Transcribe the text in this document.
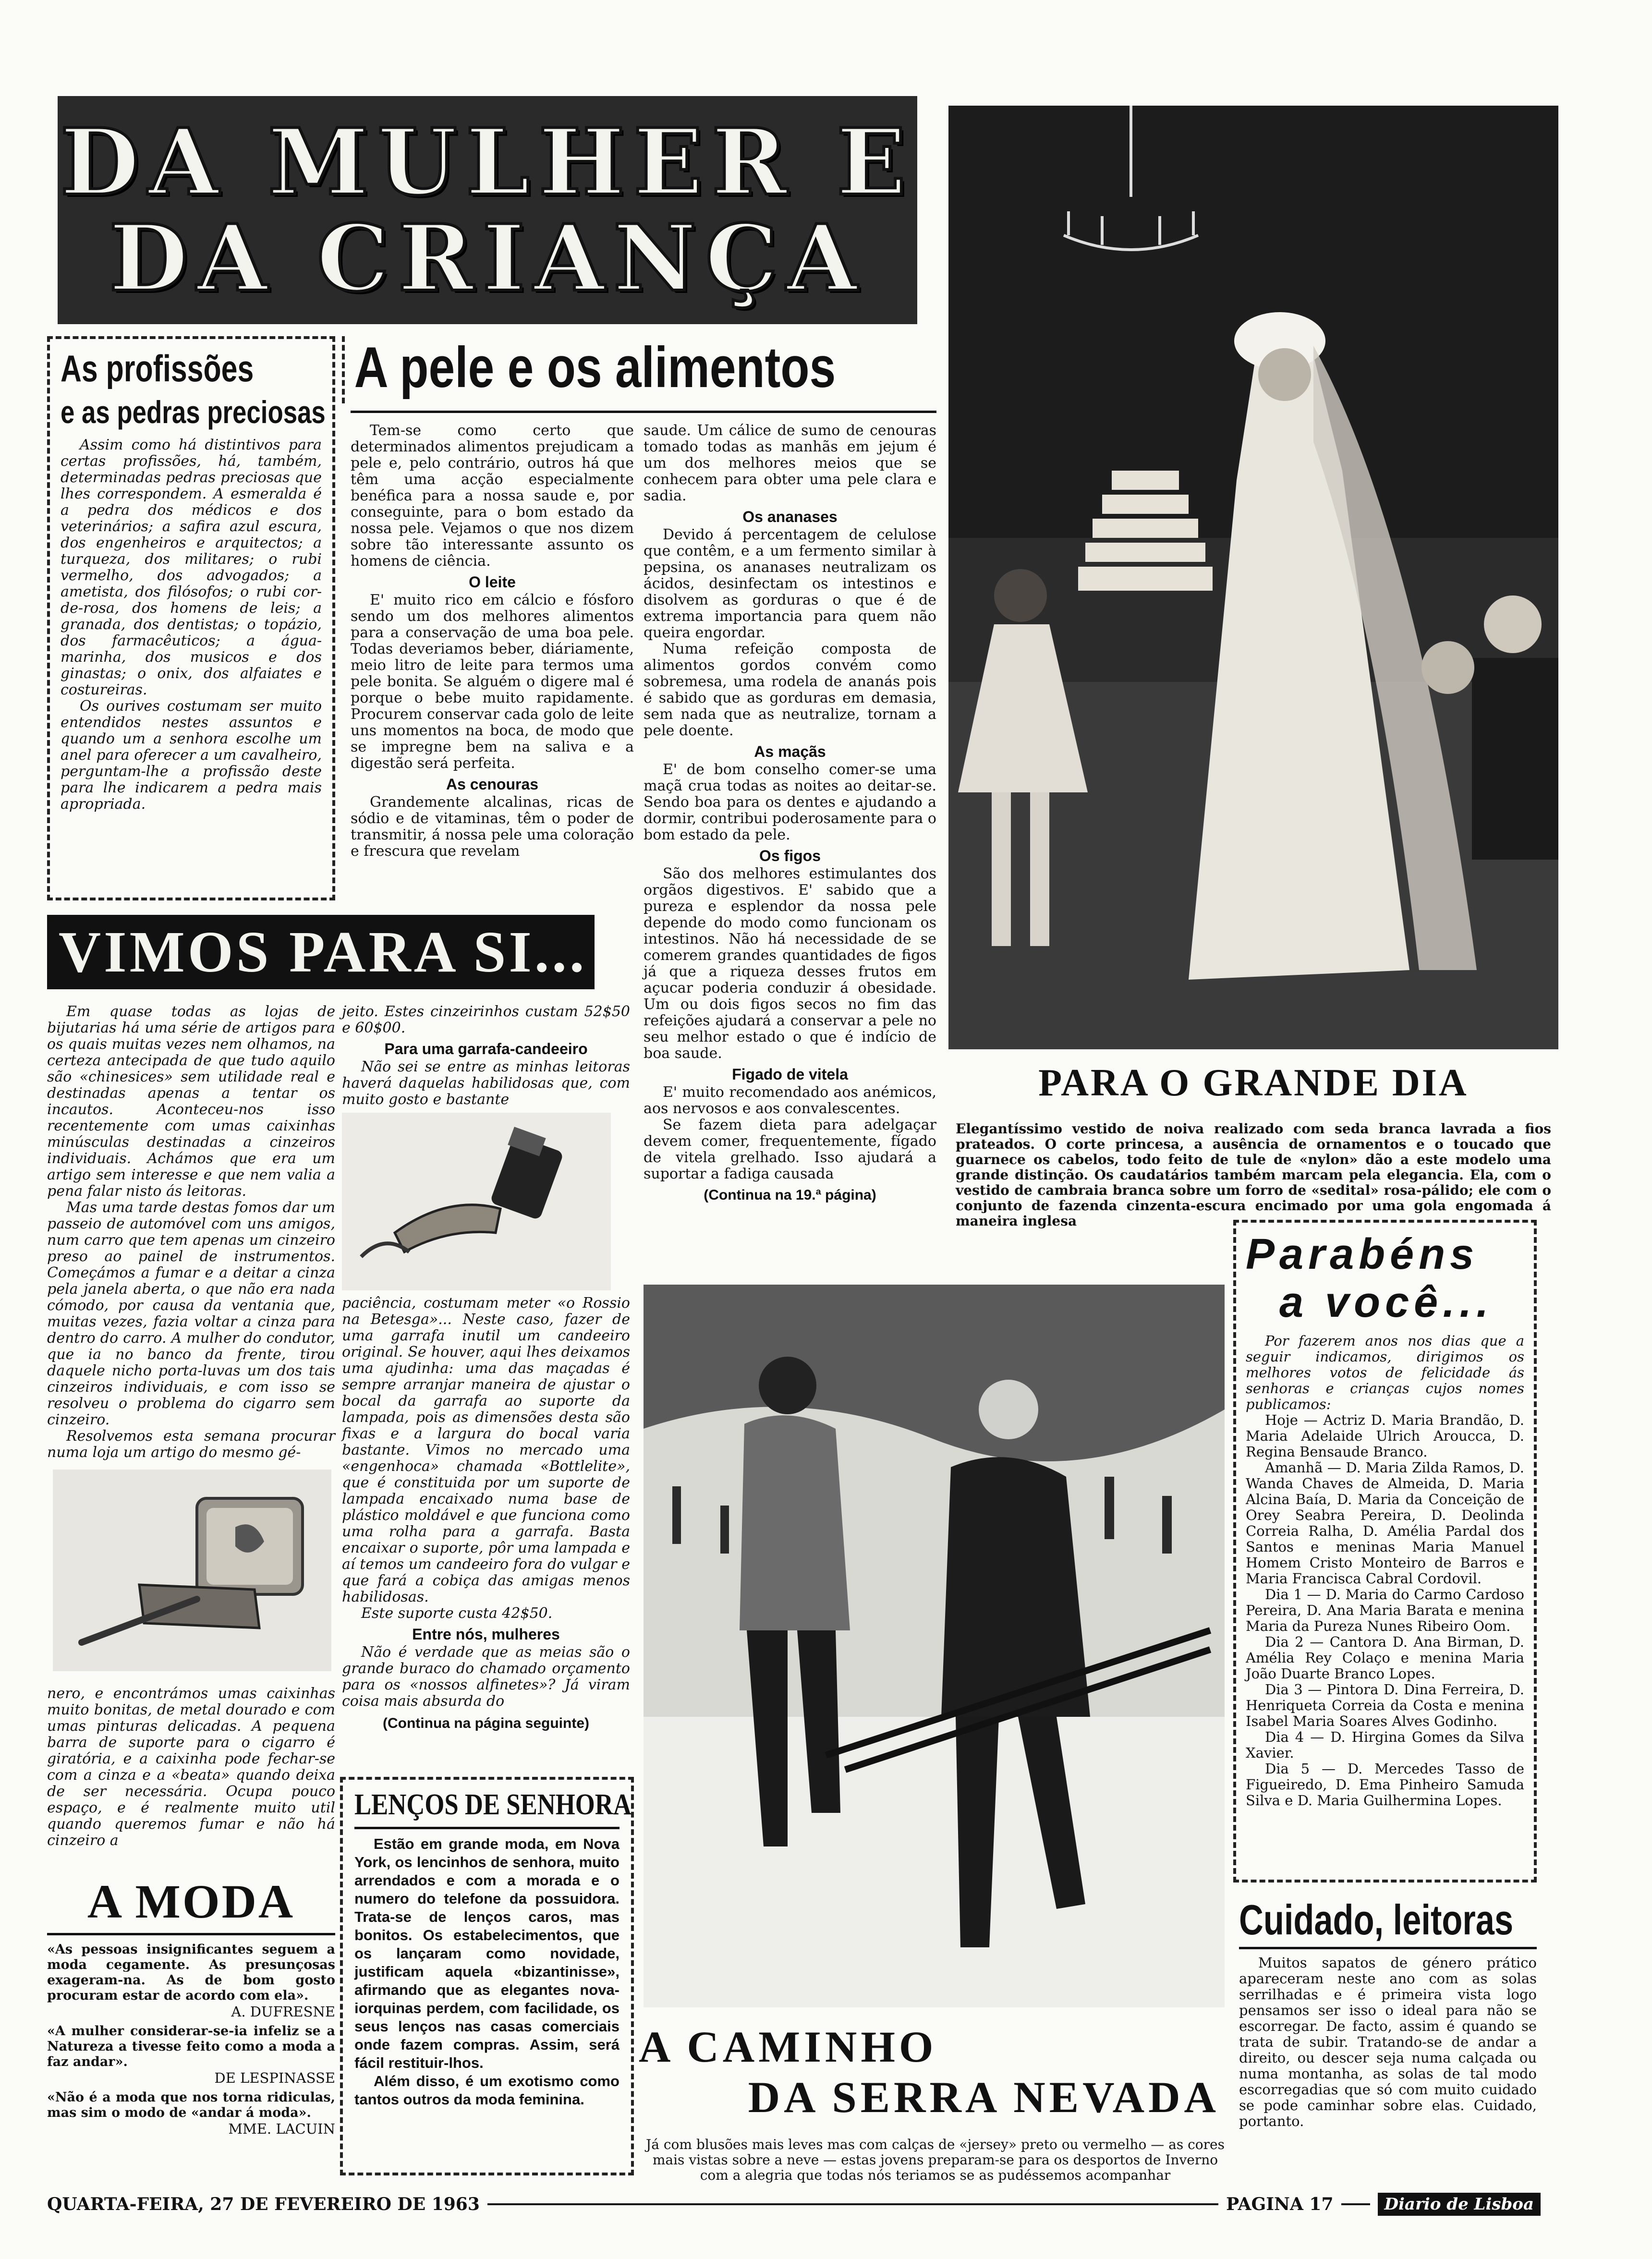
DA MULHER E
DA CRIANÇA
As profissões
e as pedras preciosas

Assim como há distintivos para certas profissões, há, também, determinadas pedras preciosas que lhes correspondem. A esmeralda é a pedra dos médicos e dos veterinários; a safira azul escura, dos engenheiros e arquitectos; a turqueza, dos militares; o rubi vermelho, dos advogados; a ametista, dos filósofos; o rubi cor-de-rosa, dos homens de leis; a granada, dos dentistas; o topázio, dos farmacêuticos; a água-marinha, dos musicos e dos ginastas; o onix, dos alfaiates e costureiras.

Os ourives costumam ser muito entendidos nestes assuntos e quando um a senhora escolhe um anel para oferecer a um cavalheiro, perguntam-lhe a profissão deste para lhe indicarem a pedra mais apropriada.

A pele e os alimentos

Tem-se como certo que determinados alimentos prejudicam a pele e, pelo contrário, outros há que têm uma acção especialmente benéfica para a nossa saude e, por conseguinte, para o bom estado da nossa pele. Vejamos o que nos dizem sobre tão interessante assunto os homens de ciência.

O leite

E' muito rico em cálcio e fósforo sendo um dos melhores alimentos para a conservação de uma boa pele. Todas deveriamos beber, diáriamente, meio litro de leite para termos uma pele bonita. Se alguém o digere mal é porque o bebe muito rapidamente. Procurem conservar cada golo de leite uns momentos na boca, de modo que se impregne bem na saliva e a digestão será perfeita.

As cenouras

Grandemente alcalinas, ricas de sódio e de vitaminas, têm o poder de transmitir, á nossa pele uma coloração e frescura que revelam

saude. Um cálice de sumo de cenouras tomado todas as manhãs em jejum é um dos melhores meios que se conhecem para obter uma pele clara e sadia.

Os ananases

Devido á percentagem de celulose que contêm, e a um fermento similar à pepsina, os ananases neutralizam os ácidos, desinfectam os intestinos e disolvem as gorduras o que é de extrema importancia para quem não queira engordar.

Numa refeição composta de alimentos gordos convém como sobremesa, uma rodela de ananás pois é sabido que as gorduras em demasia, sem nada que as neutralize, tornam a pele doente.

As maçãs

E' de bom conselho comer-se uma maçã crua todas as noites ao deitar-se. Sendo boa para os dentes e ajudando a dormir, contribui poderosamente para o bom estado da pele.

Os figos

São dos melhores estimulantes dos orgãos digestivos. E' sabido que a pureza e esplendor da nossa pele depende do modo como funcionam os intestinos. Não há necessidade de se comerem grandes quantidades de figos já que a riqueza desses frutos em açucar poderia conduzir á obesidade. Um ou dois figos secos no fim das refeições ajudará a conservar a pele no seu melhor estado o que é indício de boa saude.

Figado de vitela

E' muito recomendado aos anémicos, aos nervosos e aos convalescentes.

Se fazem dieta para adelgaçar devem comer, frequentemente, fígado de vitela grelhado. Isso ajudará a suportar a fadiga causada

(Continua na 19.ª página)
PARA O GRANDE DIA

Elegantíssimo vestido de noiva realizado com seda branca lavrada a fios prateados. O corte princesa, a ausência de ornamentos e o toucado que guarnece os cabelos, todo feito de tule de «nylon» dão a este modelo uma grande distinção. Os caudatários também marcam pela elegancia. Ela, com o vestido de cambraia branca sobre um forro de «sedital» rosa-pálido; ele com o conjunto de fazenda cinzenta-escura encimado por uma gola engomada á maneira inglesa

VIMOS PARA SI...

Em quase todas as lojas de bijutarias há uma série de artigos para os quais muitas vezes nem olhamos, na certeza antecipada de que tudo aquilo são «chinesices» sem utilidade real e destinadas apenas a tentar os incautos. Aconteceu-nos isso recentemente com umas caixinhas minúsculas destinadas a cinzeiros individuais. Achámos que era um artigo sem interesse e que nem valia a pena falar nisto ás leitoras.

Mas uma tarde destas fomos dar um passeio de automóvel com uns amigos, num carro que tem apenas um cinzeiro preso ao painel de instrumentos. Começámos a fumar e a deitar a cinza pela janela aberta, o que não era nada cómodo, por causa da ventania que, muitas vezes, fazia voltar a cinza para dentro do carro. A mulher do condutor, que ia no banco da frente, tirou daquele nicho porta-luvas um dos tais cinzeiros individuais, e com isso se resolveu o problema do cigarro sem cinzeiro.

Resolvemos esta semana procurar numa loja um artigo do mesmo gé-

nero, e encontrámos umas caixinhas muito bonitas, de metal dourado e com umas pinturas delicadas. A pequena barra de suporte para o cigarro é giratória, e a caixinha pode fechar-se com a cinza e a «beata» quando deixa de ser necessária. Ocupa pouco espaço, e é realmente muito util quando queremos fumar e não há cinzeiro a

jeito. Estes cinzeirinhos custam 52$50 e 60$00.

Para uma garrafa-candeeiro

Não sei se entre as minhas leitoras haverá daquelas habilidosas que, com muito gosto e bastante

paciência, costumam meter «o Rossio na Betesga»... Neste caso, fazer de uma garrafa inutil um candeeiro original. Se houver, aqui lhes deixamos uma ajudinha: uma das maçadas é sempre arranjar maneira de ajustar o bocal da garrafa ao suporte da lampada, pois as dimensões desta são fixas e a largura do bocal varia bastante. Vimos no mercado uma «engenhoca» chamada «Bottlelite», que é constituida por um suporte de lampada encaixado numa base de plástico moldável e que funciona como uma rolha para a garrafa. Basta encaixar o suporte, pôr uma lampada e aí temos um candeeiro fora do vulgar e que fará a cobiça das amigas menos habilidosas.

Este suporte custa 42$50.

Entre nós, mulheres

Não é verdade que as meias são o grande buraco do chamado orçamento para os «nossos alfinetes»? Já viram coisa mais absurda do

(Continua na página seguinte)
A MODA

«As pessoas insignificantes seguem a moda cegamente. As presunçosas exageram-na. As de bom gosto procuram estar de acordo com ela».

A. DUFRESNE

«A mulher considerar-se-ia infeliz se a Natureza a tivesse feito como a moda a faz andar».

DE LESPINASSE

«Não é a moda que nos torna ridiculas, mas sim o modo de «andar á moda».

MME. LACUIN
LENÇOS DE SENHORA

Estão em grande moda, em Nova York, os lencinhos de senhora, muito arrendados e com a morada e o numero do telefone da possuidora. Trata-se de lenços caros, mas bonitos. Os estabelecimentos, que os lançaram como novidade, justificam aquela «bizantinisse», afirmando que as elegantes nova-iorquinas perdem, com facilidade, os seus lenços nas casas comerciais onde fazem compras. Assim, será fácil restituir-lhos.

Além disso, é um exotismo como tantos outros da moda feminina.

A CAMINHO
DA SERRA NEVADA

Já com blusões mais leves mas com calças de «jersey» preto ou vermelho — as cores mais vistas sobre a neve — estas jovens preparam-se para os desportos de Inverno com a alegria que todas nós teriamos se as pudéssemos acompanhar

Parabéns
a você...

Por fazerem anos nos dias que a seguir indicamos, dirigimos os melhores votos de felicidade ás senhoras e crianças cujos nomes publicamos:

Hoje — Actriz D. Maria Brandão, D. Maria Adelaide Ulrich Aroucca, D. Regina Bensaude Branco.

Amanhã — D. Maria Zilda Ramos, D. Wanda Chaves de Almeida, D. Maria Alcina Baía, D. Maria da Conceição de Orey Seabra Pereira, D. Deolinda Correia Ralha, D. Amélia Pardal dos Santos e meninas Maria Manuel Homem Cristo Monteiro de Barros e Maria Francisca Cabral Cordovil.

Dia 1 — D. Maria do Carmo Cardoso Pereira, D. Ana Maria Barata e menina Maria da Pureza Nunes Ribeiro Oom.

Dia 2 — Cantora D. Ana Birman, D. Amélia Rey Colaço e menina Maria João Duarte Branco Lopes.

Dia 3 — Pintora D. Dina Ferreira, D. Henriqueta Correia da Costa e menina Isabel Maria Soares Alves Godinho.

Dia 4 — D. Hirgina Gomes da Silva Xavier.

Dia 5 — D. Mercedes Tasso de Figueiredo, D. Ema Pinheiro Samuda Silva e D. Maria Guilhermina Lopes.

Cuidado, leitoras

Muitos sapatos de género prático apareceram neste ano com as solas serrilhadas e é primeira vista logo pensamos ser isso o ideal para não se escorregar. De facto, assim é quando se trata de subir. Tratando-se de andar a direito, ou descer seja numa calçada ou numa montanha, as solas de tal modo escorregadias que só com muito cuidado se pode caminhar sobre elas. Cuidado, portanto.

QUARTA-FEIRA, 27 DE FEVEREIRO DE 1963	PAGINA 17	Diario de Lisboa
